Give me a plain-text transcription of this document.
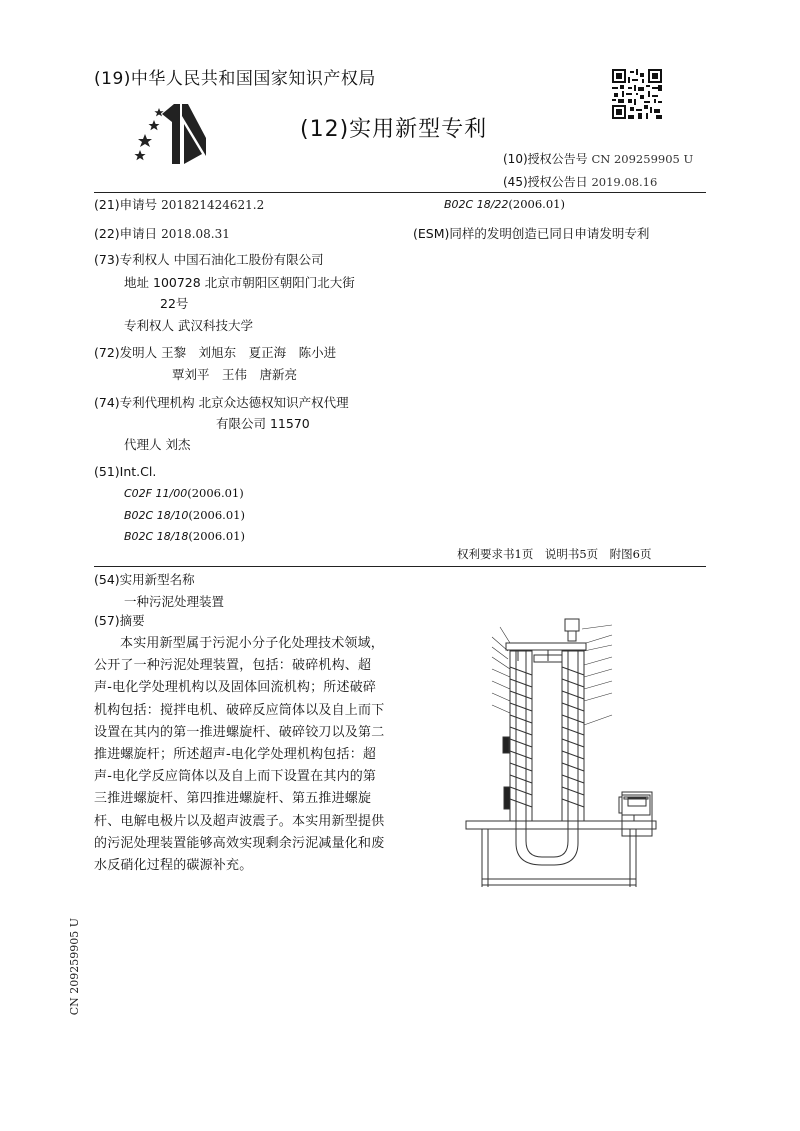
(19)中华人民共和国国家知识产权局
(12)实用新型专利
(10)授权公告号 CN 209259905 U
(45)授权公告日 2019.08.16
(21)申请号 201821424621.2
(22)申请日 2018.08.31
B02C 18/22(2006.01)
(ESM)同样的发明创造已同日申请发明专利
(73)专利权人 中国石油化工股份有限公司
地址 100728 北京市朝阳区朝阳门北大街
22号
专利权人 武汉科技大学
(72)发明人 王黎　刘旭东　夏正海　陈小进
覃刘平　王伟　唐新亮
(74)专利代理机构 北京众达德权知识产权代理
有限公司 11570
代理人 刘杰
(51)Int.Cl.
C02F 11/00(2006.01)
B02C 18/10(2006.01)
B02C 18/18(2006.01)
权利要求书1页　说明书5页　附图6页
(54)实用新型名称
一种污泥处理装置
(57)摘要
本实用新型属于污泥小分子化处理技术领域，公开了一种污泥处理装置，包括：破碎机构、超声-电化学处理机构以及固体回流机构；所述破碎机构包括：搅拌电机、破碎反应筒体以及自上而下设置在其内的第一推进螺旋杆、破碎铰刀以及第二推进螺旋杆；所述超声-电化学处理机构包括：超声-电化学反应筒体以及自上而下设置在其内的第三推进螺旋杆、第四推进螺旋杆、第五推进螺旋杆、电解电极片以及超声波震子。本实用新型提供的污泥处理装置能够高效实现剩余污泥减量化和废水反硝化过程的碳源补充。
CN 209259905 U
